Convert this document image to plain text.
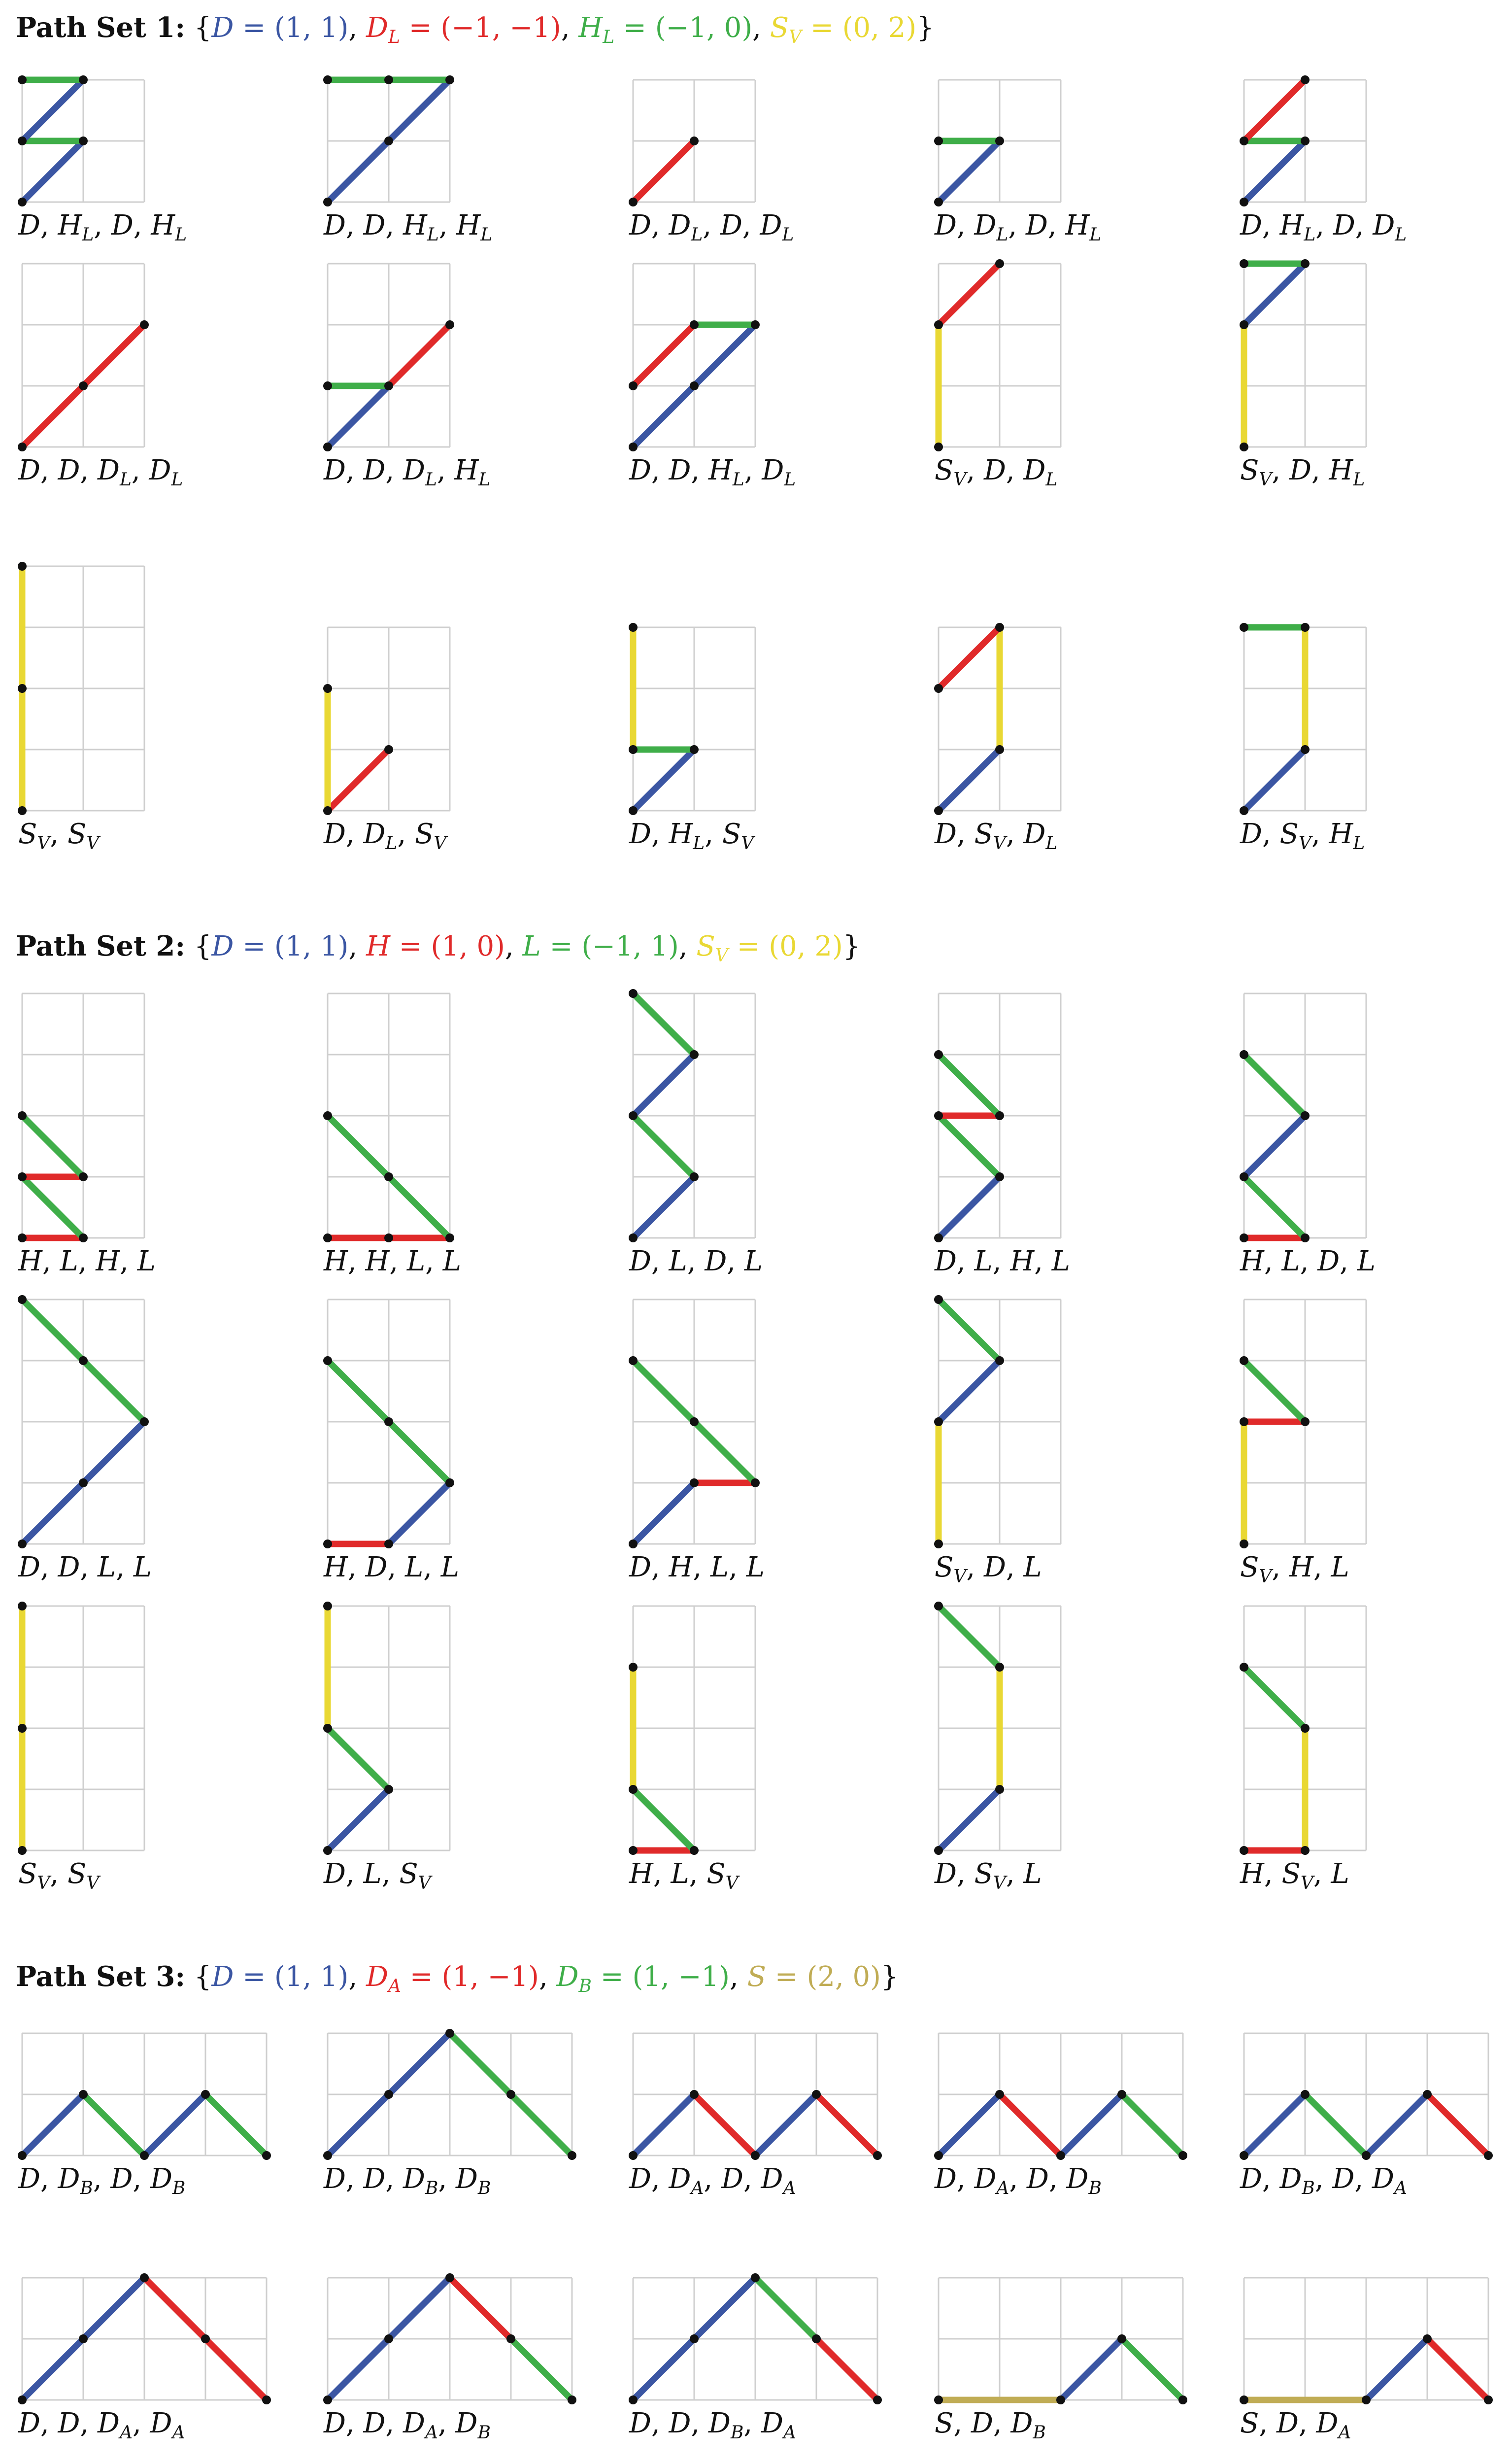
Path Set 1: {D = (1, 1), $D_L = (-1$, −1), $H_L = (-1$, 0), $S_V = (0$, 2)}
D, $H_L$, D, $H_L$	D, D, $H_L$, $H_L$	D, $D_L$, D, $D_L$	D, $D_L$, D, $H_L$	D, $H_L$, D, $D_L$
D, D, $D_L$, $D_L$	D, D, $D_L$, $H_L$	D, D, $H_L$, $D_L$	$S_V$, D, $D_L$	$S_V$, D, $H_L$
$S_V$, $S_V$	D, $D_L$, $S_V$	D, $H_L$, $S_V$	D, $S_V$, $D_L$	D, $S_V$, $H_L$
Path Set 2: {D = (1, 1), H = (1, 0), L = (−1, 1), $S_V = (0$, 2)}
H, L, H, L	H, H, L, L	D, L, D, L	D, L, H, L	H, L, D, L
D, D, L, L	H, D, L, L	D, H, L, L	$S_V$, D, L	$S_V$, H, L
$S_V$, $S_V$	D, L, $S_V$	H, L, $S_V$	D, $S_V$, L	H, $S_V$, L
Path Set 3: {D = (1, 1), $D_A = (1$, −1), $D_B = (1$, −1), S = (2, 0)}
D, $D_B$, D, $D_B$	D, D, $D_B$, $D_B$	D, $D_A$, D, $D_A$	D, $D_A$, D, $D_B$	D, $D_B$, D, $D_A$
D, D, $D_A$, $D_A$	D, D, $D_A$, $D_B$	D, D, $D_B$, $D_A$	S, D, $D_B$	S, D, $D_A$
